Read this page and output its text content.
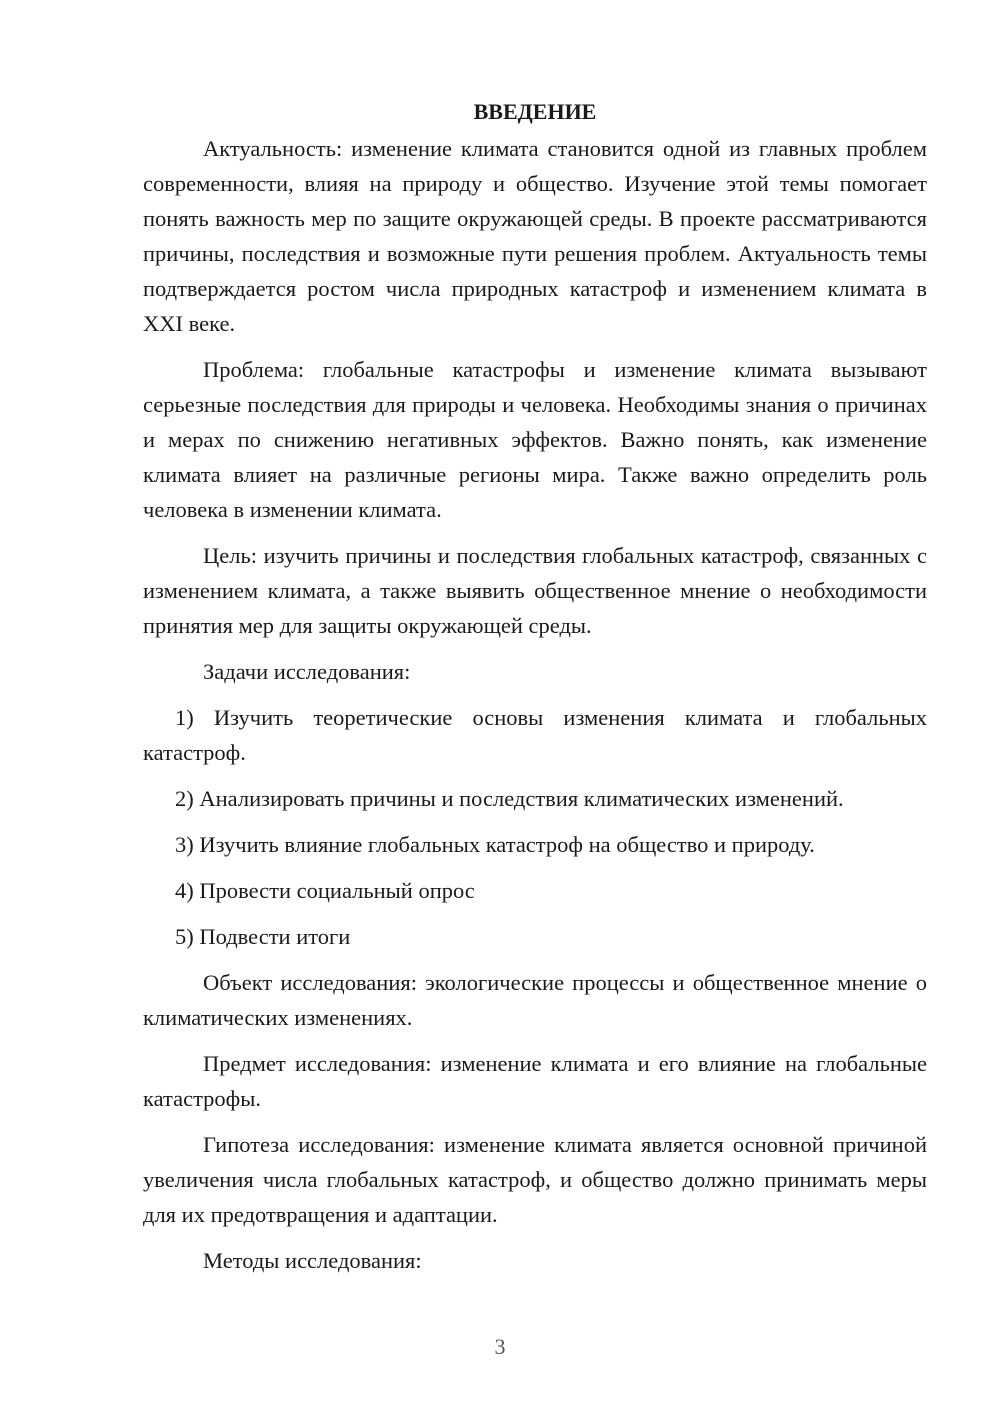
ВВЕДЕНИЕ

Актуальность: изменение климата становится одной из главных проблем современности, влияя на природу и общество. Изучение этой темы помогает понять важность мер по защите окружающей среды. В проекте рассматриваются причины, последствия и возможные пути решения проблем. Актуальность темы подтверждается ростом числа природных катастроф и изменением климата в XXI веке.

Проблема: глобальные катастрофы и изменение климата вызывают серьезные последствия для природы и человека. Необходимы знания о причинах и мерах по снижению негативных эффектов. Важно понять, как изменение климата влияет на различные регионы мира. Также важно определить роль человека в изменении климата.

Цель: изучить причины и последствия глобальных катастроф, связанных с изменением климата, а также выявить общественное мнение о необходимости принятия мер для защиты окружающей среды.

Задачи исследования:

1) Изучить теоретические основы изменения климата и глобальных катастроф.

2) Анализировать причины и последствия климатических изменений.

3) Изучить влияние глобальных катастроф на общество и природу.

4) Провести социальный опрос

5) Подвести итоги

Объект исследования: экологические процессы и общественное мнение о климатических изменениях.

Предмет исследования: изменение климата и его влияние на глобальные катастрофы.

Гипотеза исследования: изменение климата является основной причиной увеличения числа глобальных катастроф, и общество должно принимать меры для их предотвращения и адаптации.

Методы исследования:

3
